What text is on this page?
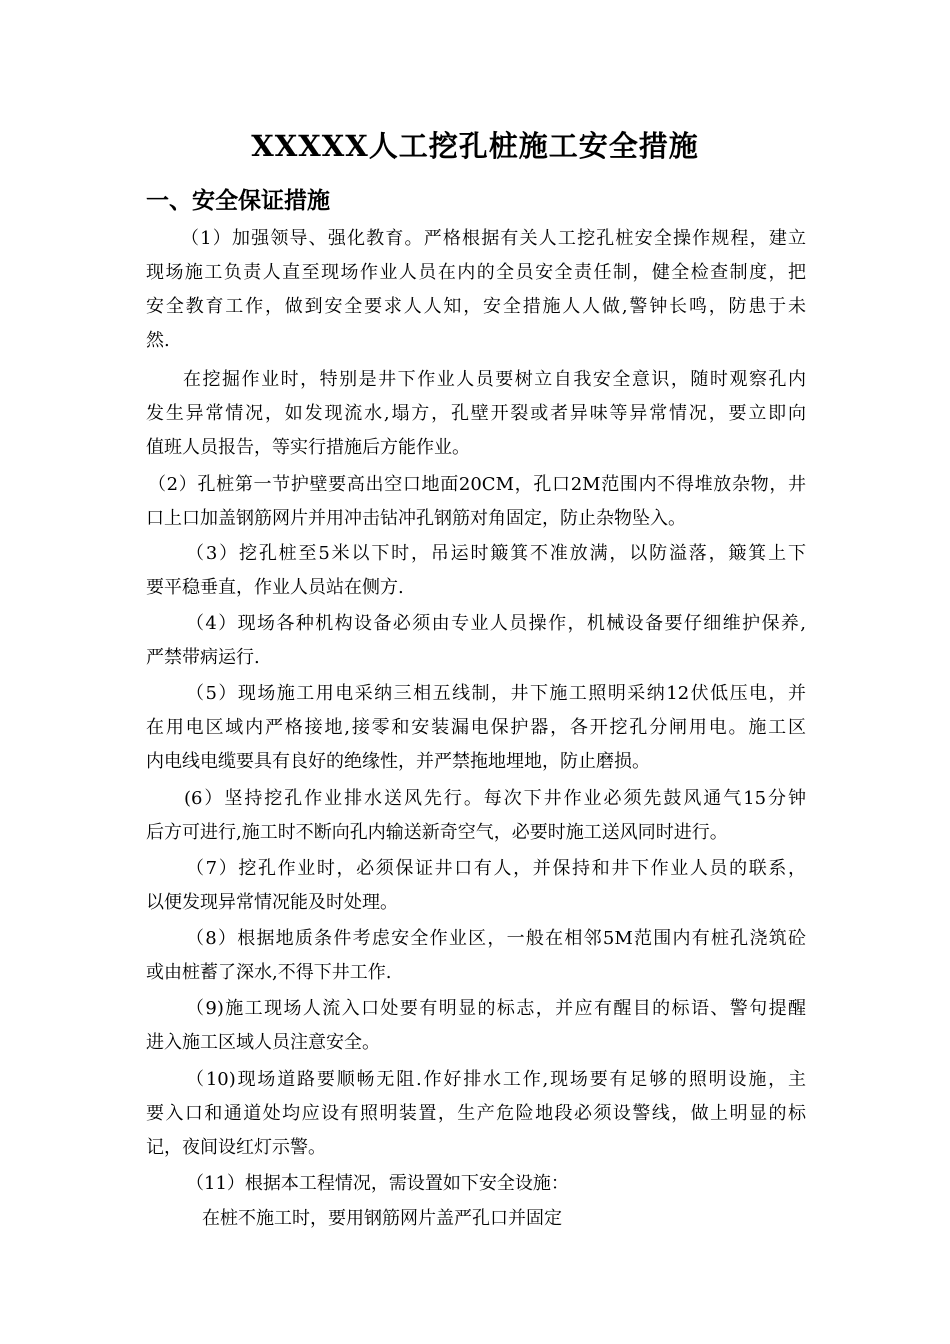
XXXXX人工挖孔桩施工安全措施
一、安全保证措施
（1）加强领导、强化教育。严格根据有关人工挖孔桩安全操作规程，建立
现场施工负责人直至现场作业人员在内的全员安全责任制，健全检查制度，把
安全教育工作，做到安全要求人人知，安全措施人人做,警钟长鸣，防患于未
然.
在挖掘作业时，特别是井下作业人员要树立自我安全意识，随时观察孔内
发生异常情况，如发现流水,塌方，孔壁开裂或者异味等异常情况，要立即向
值班人员报告，等实行措施后方能作业。
（2）孔桩第一节护壁要高出空口地面20CM，孔口2M范围内不得堆放杂物，井
口上口加盖钢筋网片并用冲击钻冲孔钢筋对角固定，防止杂物坠入。
（3）挖孔桩至5米以下时，吊运时簸箕不准放满，以防溢落，簸箕上下
要平稳垂直，作业人员站在侧方.
（4）现场各种机构设备必须由专业人员操作，机械设备要仔细维护保养,
严禁带病运行.
（5）现场施工用电采纳三相五线制，井下施工照明采纳12伏低压电，并
在用电区域内严格接地,接零和安装漏电保护器，各开挖孔分闸用电。施工区
内电线电缆要具有良好的绝缘性，并严禁拖地埋地，防止磨损。
(6）坚持挖孔作业排水送风先行。每次下井作业必须先鼓风通气15分钟
后方可进行,施工时不断向孔内输送新奇空气，必要时施工送风同时进行。
（7）挖孔作业时，必须保证井口有人，并保持和井下作业人员的联系，
以便发现异常情况能及时处理。
（8）根据地质条件考虑安全作业区，一般在相邻5M范围内有桩孔浇筑砼
或由桩蓄了深水,不得下井工作.
（9)施工现场人流入口处要有明显的标志，并应有醒目的标语、警句提醒
进入施工区域人员注意安全。
（10)现场道路要顺畅无阻.作好排水工作,现场要有足够的照明设施，主
要入口和通道处均应设有照明装置，生产危险地段必须设警线，做上明显的标
记，夜间设红灯示警。
（11）根据本工程情况，需设置如下安全设施：
在桩不施工时，要用钢筋网片盖严孔口并固定
